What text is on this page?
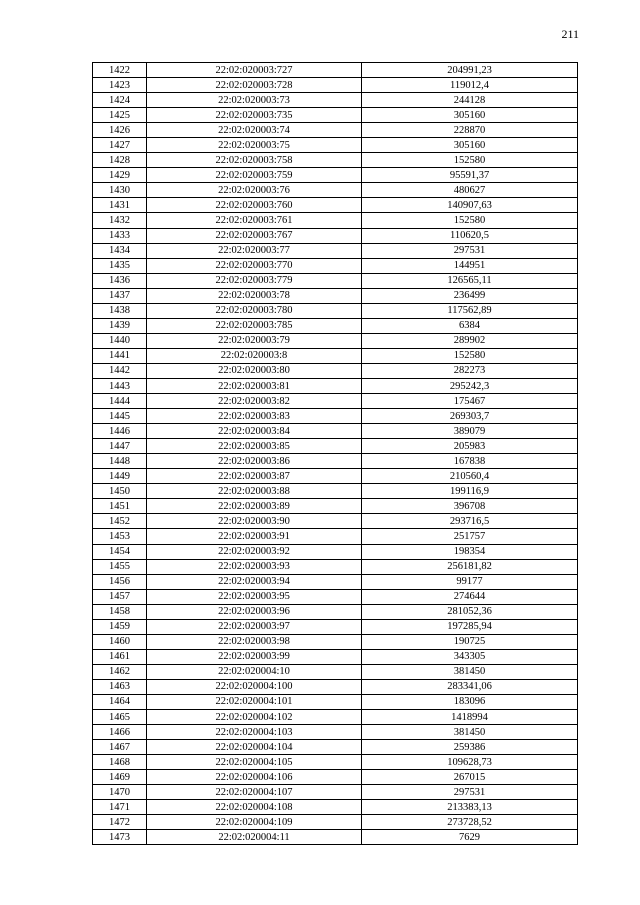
211
1422	22:02:020003:727	204991,23
1423	22:02:020003:728	119012,4
1424	22:02:020003:73	244128
1425	22:02:020003:735	305160
1426	22:02:020003:74	228870
1427	22:02:020003:75	305160
1428	22:02:020003:758	152580
1429	22:02:020003:759	95591,37
1430	22:02:020003:76	480627
1431	22:02:020003:760	140907,63
1432	22:02:020003:761	152580
1433	22:02:020003:767	110620,5
1434	22:02:020003:77	297531
1435	22:02:020003:770	144951
1436	22:02:020003:779	126565,11
1437	22:02:020003:78	236499
1438	22:02:020003:780	117562,89
1439	22:02:020003:785	6384
1440	22:02:020003:79	289902
1441	22:02:020003:8	152580
1442	22:02:020003:80	282273
1443	22:02:020003:81	295242,3
1444	22:02:020003:82	175467
1445	22:02:020003:83	269303,7
1446	22:02:020003:84	389079
1447	22:02:020003:85	205983
1448	22:02:020003:86	167838
1449	22:02:020003:87	210560,4
1450	22:02:020003:88	199116,9
1451	22:02:020003:89	396708
1452	22:02:020003:90	293716,5
1453	22:02:020003:91	251757
1454	22:02:020003:92	198354
1455	22:02:020003:93	256181,82
1456	22:02:020003:94	99177
1457	22:02:020003:95	274644
1458	22:02:020003:96	281052,36
1459	22:02:020003:97	197285,94
1460	22:02:020003:98	190725
1461	22:02:020003:99	343305
1462	22:02:020004:10	381450
1463	22:02:020004:100	283341,06
1464	22:02:020004:101	183096
1465	22:02:020004:102	1418994
1466	22:02:020004:103	381450
1467	22:02:020004:104	259386
1468	22:02:020004:105	109628,73
1469	22:02:020004:106	267015
1470	22:02:020004:107	297531
1471	22:02:020004:108	213383,13
1472	22:02:020004:109	273728,52
1473	22:02:020004:11	7629
